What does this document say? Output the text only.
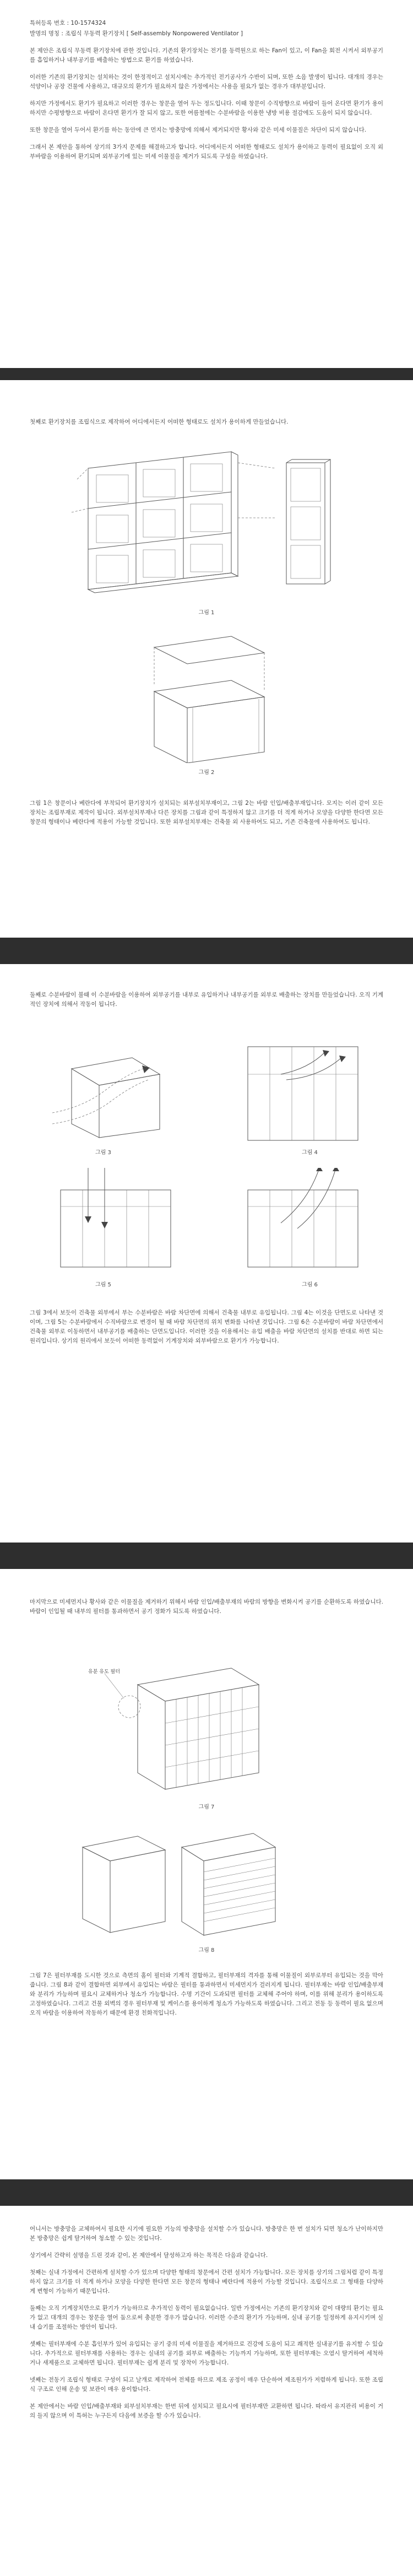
특허등록 번호 : 10-1574324
발명의 명칭 : 조립식 무동력 환기장치 [ Self-assembly Nonpowered Ventilator ]

본 제안은 조립식 무동력 환기장치에 관한 것입니다. 기존의 환기장치는 전기를 동력원으로 하는 Fan이 있고, 이 Fan을 회전 시켜서 외부공기를 흡입하거나 내부공기를 배출하는 방법으로 환기를 하였습니다.

이러한 기존의 환기장치는 설치하는 것이 한정적이고 설치시에는 추가적인 전기공사가 수반이 되며, 또한 소음 발생이 됩니다. 대개의 경우는 석양이나 공장 건물에 사용하고, 대규모의 환기가 필요하지 않은 가정에서는 사용을 필요가 없는 경우가 대부분입니다.

하지만 가정에서도 환기가 필요하고 이러한 경우는 창문을 열어 두는 정도입니다. 이때 창문이 수직방향으로 바람이 들어 온다면 환기가 용이하지만 수평방향으로 바람이 온다면 환기가 잘 되지 않고, 또한 여름철에는 수분바람을 이용한 냉방 비용 절감에도 도움이 되지 않습니다.

또한 창문을 열어 두어서 환기를 하는 동안에 큰 먼지는 방충망에 의해서 제거되지만 황사와 같은 미세 이물질은 차단이 되지 않습니다.

그래서 본 제안을 통하여 상기의 3가지 문제를 해결하고자 합니다. 어디에서든지 어떠한 형태로도 설치가 용이하고 동력이 필요없이 오직 외부바람을 이용하여 환기되며 외부공기에 있는 미세 이물질을 제거가 되도록 구성을 하였습니다.

첫째로 환기장치를 조립식으로 제작하여 어디에서든지 어떠한 형태로도 설치가 용이하게 만들었습니다.

그림 1
그림 2

그림 1은 창문이나 베란다에 부착되어 환기장치가 설치되는 외부설치부재이고, 그림 2는 바람 인입/배출부재입니다. 모지는 이러 같이 모든 장치는 조립부재로 제작이 됩니다. 외부설치부재나 다른 장치를 그림과 같이 특정하지 않고 크기를 더 적게 하거나 모양을 다양한 한다면 모든 창문의 형태이나 베란다에 적용이 가능할 것입니다. 또한 외부설치부재는 건축물 외 사용하여도 되고, 기존 건축물에 사용하여도 됩니다.

둘째로 수분바람이 불때 이 수분바람을 이용하여 외부공기를 내부로 유입하거나 내부공기를 외부로 배출하는 장치를 만들었습니다. 오직 기계적인 장치에 의해서 작동이 됩니다.

그림 3	그림 4
그림 5	그림 6

그림 3에서 보듯이 건축물 외부에서 부는 수분바람은 바람 차단면에 의해서 건축물 내부로 유입됩니다. 그림 4는 이것을 단면도로 나타낸 것이며, 그림 5는 수분바람에서 수직바람으로 변경이 될 때 바람 차단면의 위치 변화를 나타낸 것입니다. 그림 6은 수분바람이 바람 차단면에서 건축물 외부로 이동하면서 내부공기를 배출하는 단면도입니다. 이러한 것을 이용해서는 유입 배출을 바람 차단면의 설치를 반대로 하면 되는 원리입니다. 상기의 원리에서 보듯이 어떠한 동력없이 기계장치와 외부바람으로 환기가 가능합니다.

마지막으로 미세먼지나 황사와 같은 이물질을 제거하기 위해서 바람 인입/배출부재의 바람의 방향을 변화시켜 공기를 순환하도록 하였습니다. 바람이 인입될 때 내부의 필터를 통과하면서 공기 정화가 되도록 하였습니다.

유분 유도 필터
그림 7
그림 8

그림 7은 필터부재를 도시한 것으로 측면의 홈이 필터와 기계적 결합하고, 필터부재의 격자를 통해 이물질이 외부로부터 유입되는 것을 막아 줍니다. 그림 8과 같이 결합하면 외부에서 유입되는 바람은 필터를 통과하면서 미세먼지가 걸러지게 됩니다. 필터부재는 바람 인입/배출부재와 분리가 가능하며 필요시 교체하거나 청소가 가능합니다. 수명 기간이 도과되면 필터를 교체해 주어야 하며, 이를 위해 분리가 용이하도록 고정하였습니다. 그리고 건물 외벽의 경우 필터부재 및 케이스를 용이하게 청소가 가능하도록 하였습니다. 그리고 전동 등 동력이 필요 없으며 오직 바람을 이용하여 작동하기 때문에 환경 친화적입니다.

어니서는 방충망을 교체하여서 필요한 시기에 필요한 기능의 방충망을 설치할 수가 있습니다. 방충망은 한 번 설치가 되면 청소가 난이하지만 본 방충망은 쉽게 탈거하여 청소할 수 있는 것입니다.

상기에서 간략히 설명을 드린 것과 같이, 본 제안에서 달성하고자 하는 목적은 다음과 같습니다.

첫째는 실내 가정에서 간편하게 설치할 수가 있으며 다양한 형태의 창문에서 간편 설치가 가능합니다. 모든 장치를 상기의 그림처럼 같이 특정하지 않고 크기를 더 적게 하거나 모양을 다양한 한다면 모든 창문의 형태나 베란다에 적용이 가능할 것입니다. 조립식으로 그 형태를 다양하게 변형이 가능하기 때문입니다.

둘째는 오직 기계장치만으로 환기가 가능하므로 추가적인 동력이 필요없습니다. 일반 가정에서는 기존의 환기장치와 같이 대량의 환기는 필요가 없고 대개의 경우는 창문을 열어 둠으로써 충분한 경우가 많습니다. 이러한 수준의 환기가 가능하며, 실내 공기를 일정하게 유지시키며 실내 습기를 조절하는 방안이 됩니다.

셋째는 필터부재에 수분 흡인부가 있어 유입되는 공기 중의 미세 이물질을 제거하므로 건강에 도움이 되고 쾌적한 실내공기를 유지할 수 있습니다. 추가적으로 필터부재를 사용하는 경우는 실내의 공기를 외부로 배출하는 기능까지 가능하며, 또한 필터부재는 오염시 탈거하여 세척하거나 새제품으로 교체하면 됩니다. 필터부재는 쉽게 분리 및 장착이 가능합니다.

넷째는 전동기 조립식 형태로 구성이 되고 날개로 제작하여 전체를 하므로 제조 공정이 매우 단순하여 제조원가가 저렴하게 됩니다. 또한 조립식 구조로 인해 운송 및 보관이 매우 용이합니다.

본 제안에서는 바람 인입/배출부재와 외부설치부재는 한번 뒤에 설치되고 필요시에 필터부재만 교환하면 됩니다. 따라서 유지관리 비용이 거의 들지 않으며 이 특허는 누구든지 다음에 보증을 할 수가 있습니다.
